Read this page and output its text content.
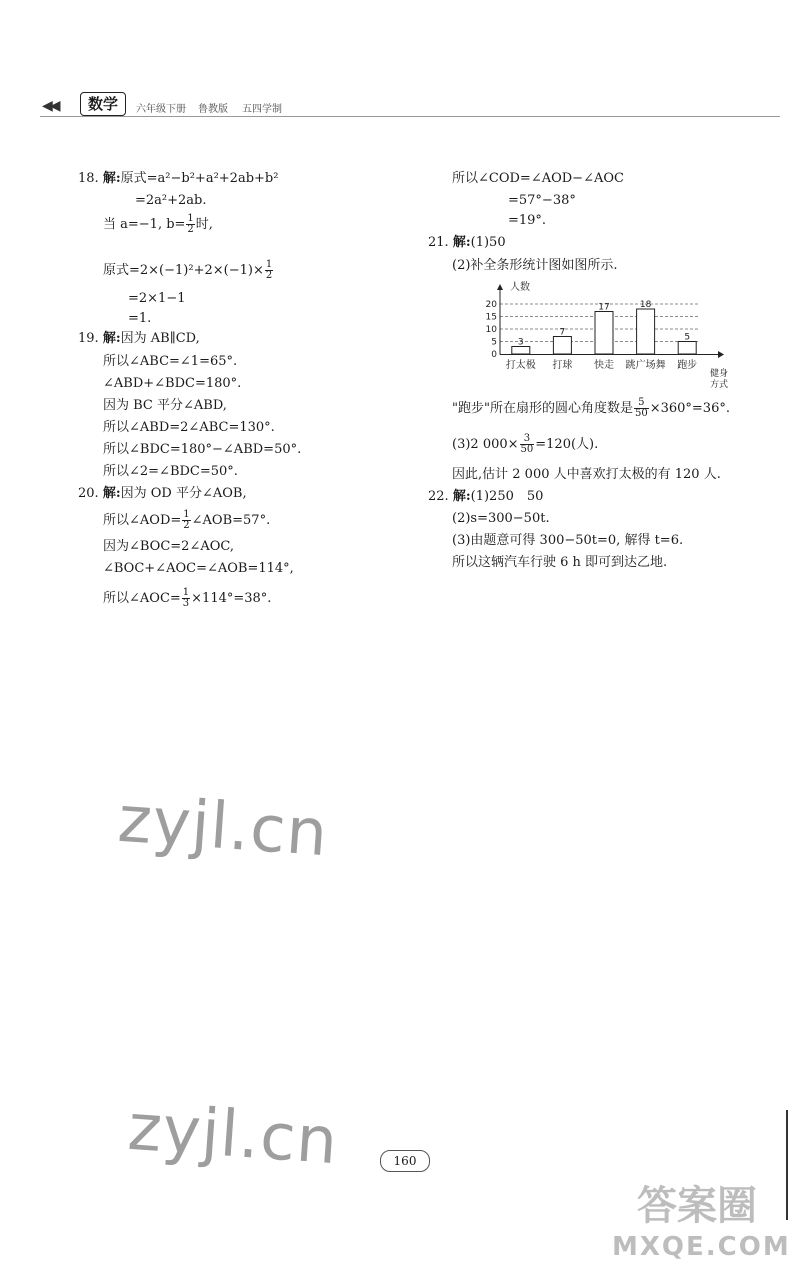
◀◀	数学	六年级下册 鲁教版 五四学制
18. 解:原式=a²−b²+a²+2ab+b²
=2a²+2ab.
当 a=−1, $b= \frac{1}{2}$ 时,
原式$=2\times(-1)^2+2\times(-1)\times \frac{1}{2}$
=2×1−1
=1.
19. 解:因为 AB∥CD,
所以∠ABC=∠1=65°.
∠ABD+∠BDC=180°.
因为 BC 平分∠ABD,
所以∠ABD=2∠ABC=130°.
所以∠BDC=180°−∠ABD=50°.
所以∠2=∠BDC=50°.
20. 解:因为 OD 平分∠AOB,
所以∠AOD= $\frac{1}{2}$ ∠AOB=57°.
因为∠BOC=2∠AOC,
∠BOC+∠AOC=∠AOB=114°,
所以∠AOC= $\frac{1}{3} \times 114^\circ=38^\circ$.
所以∠COD=∠AOD−∠AOC
=57°−38°
=19°.
21. 解:(1)50
(2)补全条形统计图如图所示.
3
7
17	18
5
0
5
10
15
20
打太极 打球 快走 跳广场舞 跑步
人数
健身方式
"跑步"所在扇形的圆心角度数是 $\frac{5}{50} \times 360^\circ=36^\circ$.
(3)2 $000\times \frac{3}{50} =120$(人).
因此,估计 2 000 人中喜欢打太极的有 120 人.
22. 解:(1)250　50
(2)s=300−50t.
(3)由题意可得 300−50t=0, 解得 t=6.
所以这辆汽车行驶 6 h 即可到达乙地.
zyjl.cn
zyjl.cn	160
答案圈
MXQE.COM
